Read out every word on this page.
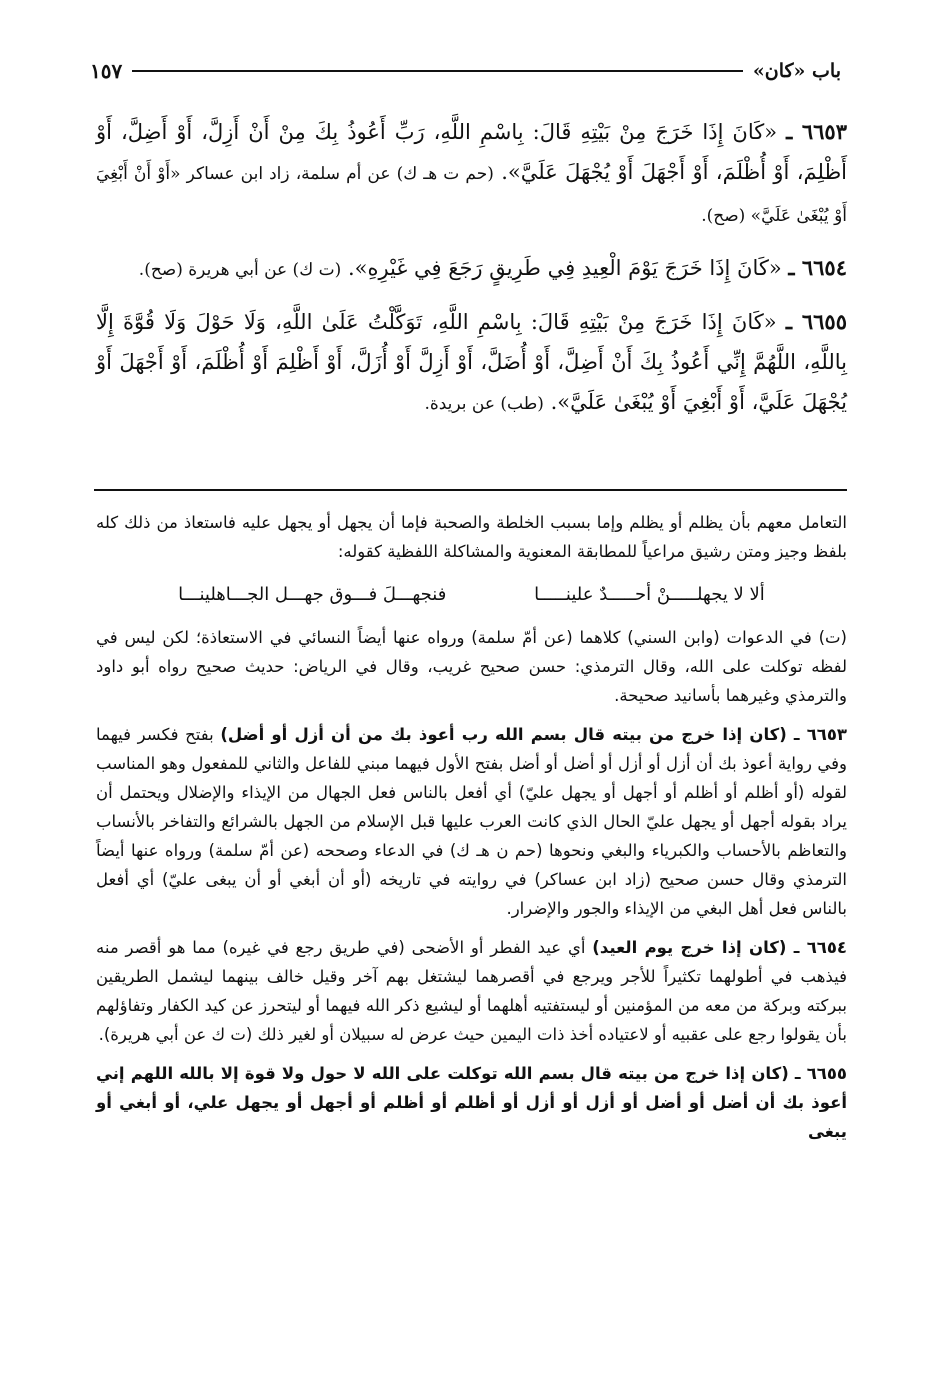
باب «كان»
١٥٧

٦٦٥٣ ـ «كَانَ إِذَا خَرَجَ مِنْ بَيْتِهِ قَالَ: بِاسْمِ اللَّهِ، رَبِّ أَعُوذُ بِكَ مِنْ أَنْ أَزِلَّ، أَوْ أَضِلَّ، أَوْ أَظْلِمَ، أَوْ أُظْلَمَ، أَوْ أَجْهَلَ أَوْ يُجْهَلَ عَلَيَّ». (حم ت هـ ك) عن أم سلمة، زاد ابن عساكر «أَوْ أَنْ أَبْغِيَ أَوْ يُبْغَىٰ عَلَيَّ» (صح).

٦٦٥٤ ـ «كَانَ إِذَا خَرَجَ يَوْمَ الْعِيدِ فِي طَرِيقٍ رَجَعَ فِي غَيْرِهِ». (ت ك) عن أبي هريرة (صح).

٦٦٥٥ ـ «كَانَ إِذَا خَرَجَ مِنْ بَيْتِهِ قَالَ: بِاسْمِ اللَّهِ، تَوَكَّلْتُ عَلَىٰ اللَّهِ، وَلَا حَوْلَ وَلَا قُوَّةَ إِلَّا بِاللَّهِ، اللَّهُمَّ إِنِّي أَعُوذُ بِكَ أَنْ أَضِلَّ، أَوْ أُضَلَّ، أَوْ أَزِلَّ أَوْ أُزَلَّ، أَوْ أَظْلِمَ أَوْ أُظْلَمَ، أَوْ أَجْهَلَ أَوْ يُجْهَلَ عَلَيَّ، أَوْ أَبْغِيَ أَوْ يُبْغَىٰ عَلَيَّ». (طب) عن بريدة.

التعامل معهم بأن يظلم أو يظلم وإما بسبب الخلطة والصحبة فإما أن يجهل أو يجهل عليه فاستعاذ من ذلك كله بلفظ وجيز ومتن رشيق مراعياً للمطابقة المعنوية والمشاكلة اللفظية كقوله:

ألا لا يجهلـــــنْ أحـــــدٌ علينـــــا فنجهـــلَ فـــوق جهـــل الجـــاهلينـــا

(ت) في الدعوات (وابن السني) كلاهما (عن أمّ سلمة) ورواه عنها أيضاً النسائي في الاستعاذة؛ لكن ليس في لفظه توكلت على الله، وقال الترمذي: حسن صحيح غريب، وقال في الرياض: حديث صحيح رواه أبو داود والترمذي وغيرهما بأسانيد صحيحة.

٦٦٥٣ ـ (كان إذا خرج من بيته قال بسم الله رب أعوذ بك من أن أزل أو أضل) بفتح فكسر فيهما وفي رواية أعوذ بك أن أزل أو أزل أو أضل أو أضل بفتح الأول فيهما مبني للفاعل والثاني للمفعول وهو المناسب لقوله (أو أظلم أو أظلم أو أجهل أو يجهل عليّ) أي أفعل بالناس فعل الجهال من الإيذاء والإضلال ويحتمل أن يراد بقوله أجهل أو يجهل عليّ الحال الذي كانت العرب عليها قبل الإسلام من الجهل بالشرائع والتفاخر بالأنساب والتعاظم بالأحساب والكبرياء والبغي ونحوها (حم ن هـ ك) في الدعاء وصححه (عن أمّ سلمة) ورواه عنها أيضاً الترمذي وقال حسن صحيح (زاد ابن عساكر) في روايته في تاريخه (أو أن أبغي أو أن يبغى عليّ) أي أفعل بالناس فعل أهل البغي من الإيذاء والجور والإضرار.

٦٦٥٤ ـ (كان إذا خرج يوم العيد) أي عيد الفطر أو الأضحى (في طريق رجع في غيره) مما هو أقصر منه فيذهب في أطولهما تكثيراً للأجر ويرجع في أقصرهما ليشتغل بهم آخر وقيل خالف بينهما ليشمل الطريقين ببركته وبركة من معه من المؤمنين أو ليستفتيه أهلهما أو ليشيع ذكر الله فيهما أو ليتحرز عن كيد الكفار وتفاؤلهم بأن يقولوا رجع على عقبيه أو لاعتياده أخذ ذات اليمين حيث عرض له سبيلان أو لغير ذلك (ت ك عن أبي هريرة).

٦٦٥٥ ـ (كان إذا خرج من بيته قال بسم الله توكلت على الله لا حول ولا قوة إلا بالله اللهم إني أعوذ بك أن أضل أو أضل أو أزل أو أزل أو أظلم أو أظلم أو أجهل أو يجهل علي، أو أبغي أو يبغى
